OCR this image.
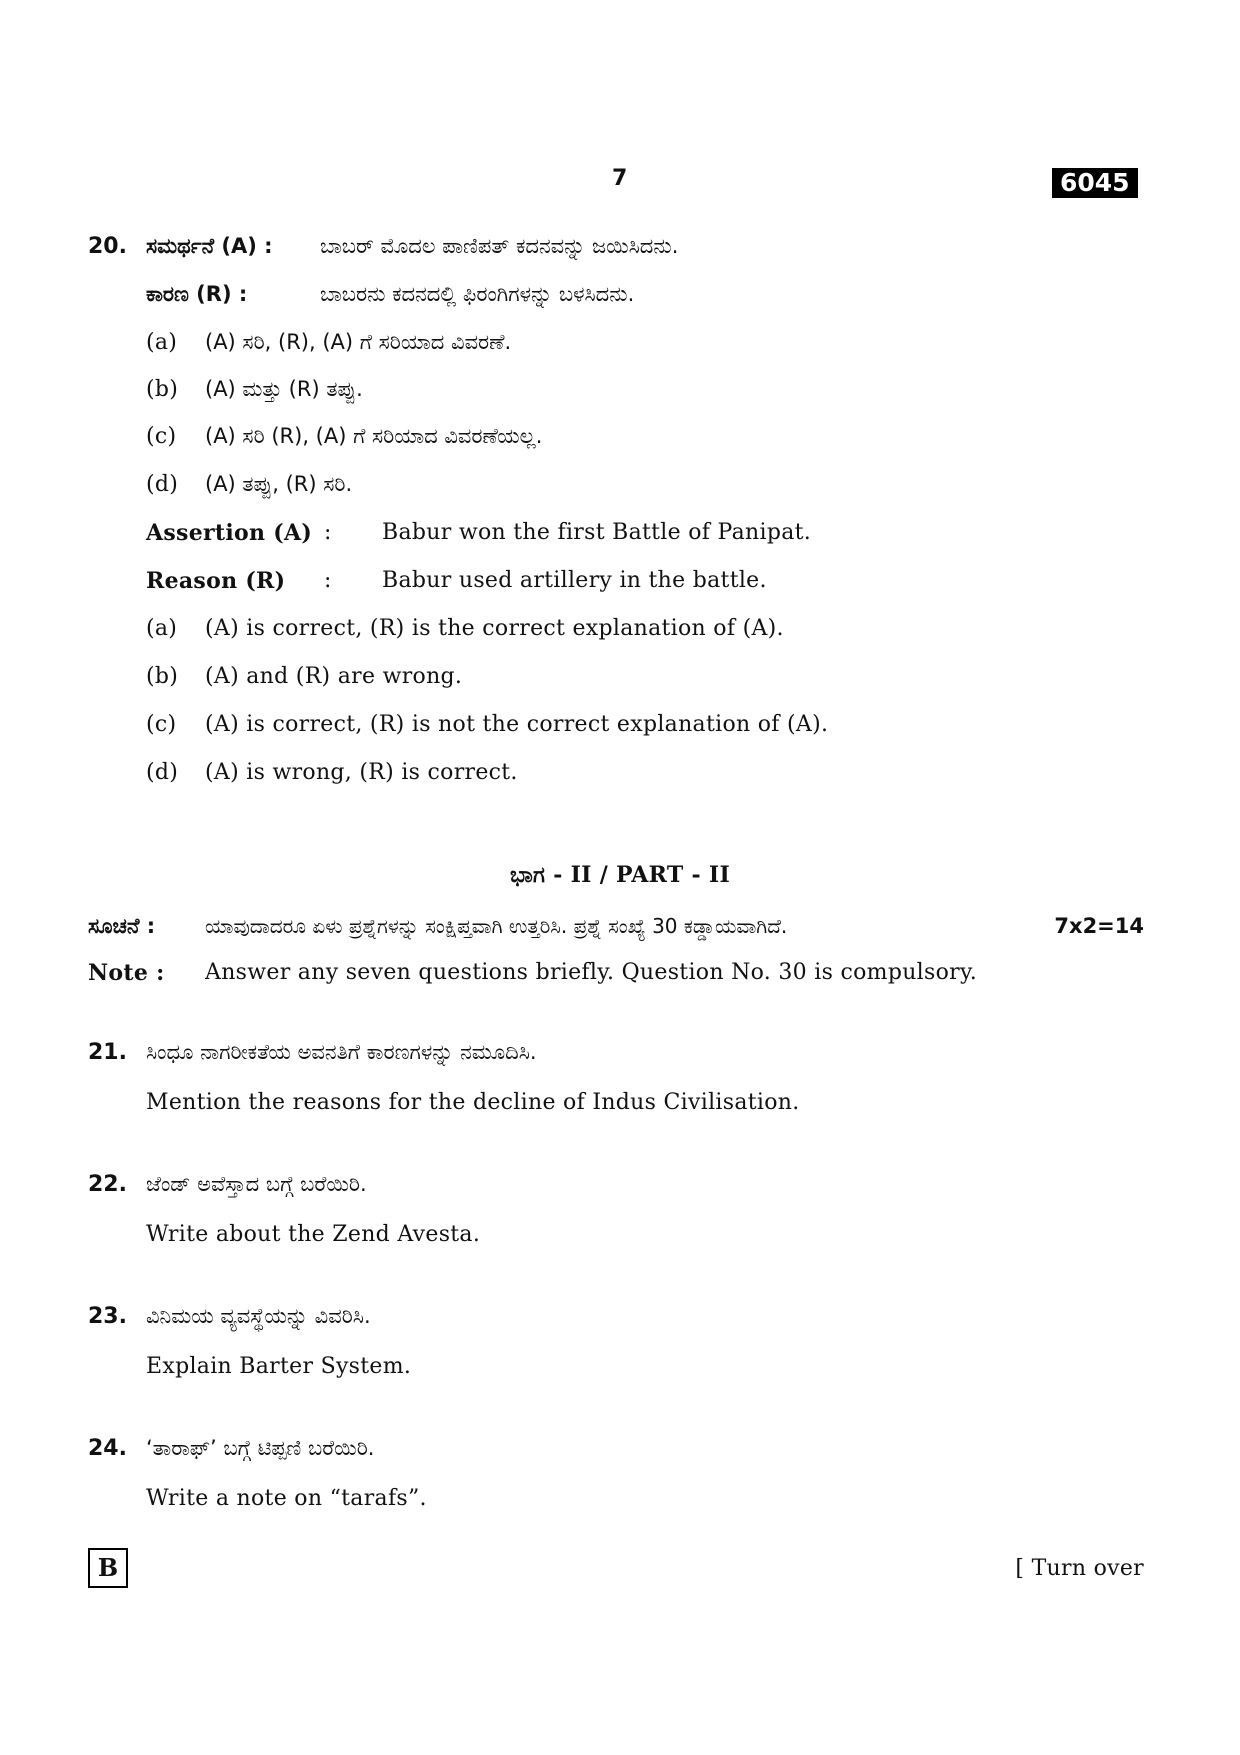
7	6045
20. ಸಮರ್ಥನೆ (A) : ಬಾಬರ್ ಮೊದಲ ಪಾಣಿಪತ್ ಕದನವನ್ನು ಜಯಿಸಿದನು.
ಕಾರಣ (R) :	ಬಾಬರನು ಕದನದಲ್ಲಿ ಫಿರಂಗಿಗಳನ್ನು ಬಳಸಿದನು.
(a) (A) ಸರಿ, (R), (A) ಗೆ ಸರಿಯಾದ ವಿವರಣೆ.
(b) (A) ಮತ್ತು (R) ತಪ್ಪು.
(c) (A) ಸರಿ (R), (A) ಗೆ ಸರಿಯಾದ ವಿವರಣೆಯಲ್ಲ.
(d) (A) ತಪ್ಪು, (R) ಸರಿ.
Assertion (A) : Babur won the first Battle of Panipat.
Reason (R) : Babur used artillery in the battle.
(a) (A) is correct, (R) is the correct explanation of (A).
(b) (A) and (R) are wrong.
(c) (A) is correct, (R) is not the correct explanation of (A).
(d) (A) is wrong, (R) is correct.
ಭಾಗ - II / PART - II
ಸೂಚನೆ : ಯಾವುದಾದರೂ ಏಳು ಪ್ರಶ್ನೆಗಳನ್ನು ಸಂಕ್ಷಿಪ್ತವಾಗಿ ಉತ್ತರಿಸಿ. ಪ್ರಶ್ನೆ ಸಂಖ್ಯೆ 30 ಕಡ್ಡಾಯವಾಗಿದೆ.	7x2=14
Note : Answer any seven questions briefly. Question No. 30 is compulsory.
21. ಸಿಂಧೂ ನಾಗರೀಕತೆಯ ಅವನತಿಗೆ ಕಾರಣಗಳನ್ನು ನಮೂದಿಸಿ.
Mention the reasons for the decline of Indus Civilisation.
22. ಜೆಂಡ್ ಅವೆಸ್ತಾದ ಬಗ್ಗೆ ಬರೆಯಿರಿ.
Write about the Zend Avesta.
23. ವಿನಿಮಯ ವ್ಯವಸ್ಥೆಯನ್ನು ವಿವರಿಸಿ.
Explain Barter System.
24. ‘ತಾರಾಫ್’ ಬಗ್ಗೆ ಟಿಪ್ಪಣಿ ಬರೆಯಿರಿ.
Write a note on “tarafs”.
B	[ Turn over
